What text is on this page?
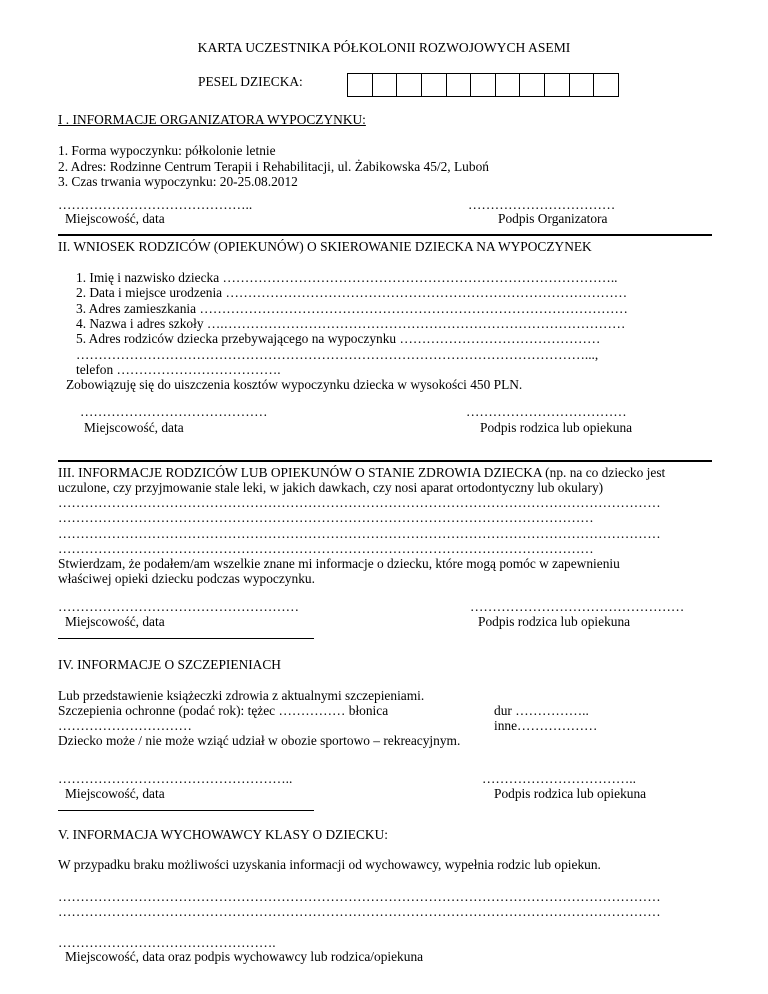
KARTA UCZESTNIKA PÓŁKOLONII ROZWOJOWYCH ASEMI
PESEL DZIECKA:
I . INFORMACJE ORGANIZATORA WYPOCZYNKU:
1. Forma wypoczynku: półkolonie letnie
2. Adres: Rodzinne Centrum Terapii i Rehabilitacji, ul. Żabikowska 45/2, Luboń
3. Czas trwania wypoczynku: 20-25.08.2012
……………………………………..
Miejscowość, data
……………………………
Podpis Organizatora
II. WNIOSEK RODZICÓW (OPIEKUNÓW) O SKIEROWANIE DZIECKA NA WYPOCZYNEK
1. Imię i nazwisko dziecka ……………………………………………………………………………..
2. Data i miejsce urodzenia ………………………………………………………………………………
3. Adres zamieszkania ……………………………………………………………………………………
4. Nazwa i adres szkoły ….………………………………………………………………………………
5. Adres rodziców dziecka przebywającego na wypoczynku ………………………………………
……………………………………………………………………………………………………...,
telefon ……………………………….
Zobowiązuję się do uiszczenia kosztów wypoczynku dziecka w wysokości 450 PLN.
……………………………………
Miejscowość, data
………………………………
Podpis rodzica lub opiekuna
III. INFORMACJE RODZICÓW LUB OPIEKUNÓW O STANIE ZDROWIA DZIECKA (np. na co dziecko jest
uczulone, czy przyjmowanie stale leki, w jakich dawkach, czy nosi aparat ortodontyczny lub okulary)
………………………………………………………………………………………………………………………
…………………………………………………………………………………………………………
………………………………………………………………………………………………………………………
…………………………………………………………………………………………………………
Stwierdzam, że podałem/am wszelkie znane mi informacje o dziecku, które mogą pomóc w zapewnieniu
właściwej opieki dziecku podczas wypoczynku.
………………………………………………
Miejscowość, data
…………………………………………
Podpis rodzica lub opiekuna
IV. INFORMACJE O SZCZEPIENIACH
Lub przedstawienie książeczki zdrowia z aktualnymi szczepieniami.
Szczepienia ochronne (podać rok): tężec …………… błonica	dur ……………..
…………………………	inne………………
Dziecko może / nie może wziąć udział w obozie sportowo – rekreacyjnym.
……………………………………………..
Miejscowość, data
……………………………..
Podpis rodzica lub opiekuna
V. INFORMACJA WYCHOWAWCY KLASY O DZIECKU:
W przypadku braku możliwości uzyskania informacji od wychowawcy, wypełnia rodzic lub opiekun.
………………………………………………………………………………………………………………………
………………………………………………………………………………………………………………………
………………………………………….
Miejscowość, data oraz podpis wychowawcy lub rodzica/opiekuna
